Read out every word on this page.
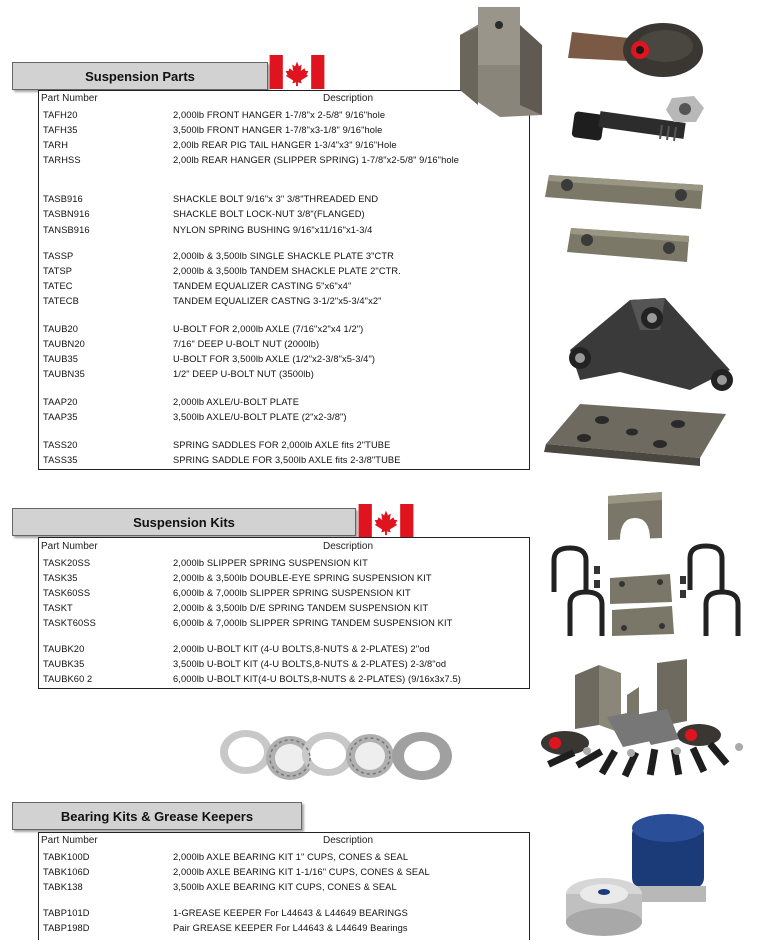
Suspension Parts
Part Number	Description
TAFH20	2,000lb FRONT HANGER 1-7/8"x 2-5/8" 9/16"hole
TAFH35	3,500lb FRONT HANGER 1-7/8"x3-1/8" 9/16"hole
TARH	2,00lb REAR PIG TAIL HANGER 1-3/4"x3" 9/16"Hole
TARHSS	2,00lb REAR HANGER (SLIPPER SPRING) 1-7/8"x2-5/8" 9/16"hole
TASB916	SHACKLE BOLT 9/16"x 3" 3/8"THREADED END
TASBN916	SHACKLE BOLT LOCK-NUT 3/8"(FLANGED)
TANSB916	NYLON SPRING BUSHING 9/16"x11/16"x1-3/4
TASSP	2,000lb & 3,500lb SINGLE SHACKLE PLATE 3"CTR
TATSP	2,000lb & 3,500lb TANDEM SHACKLE PLATE 2"CTR.
TATEC	TANDEM EQUALIZER CASTING 5"x6"x4"
TATECB	TANDEM EQUALIZER CASTNG 3-1/2"x5-3/4"x2"
TAUB20	U-BOLT FOR 2,000lb AXLE (7/16"x2"x4 1/2")
TAUBN20	7/16" DEEP U-BOLT NUT (2000lb)
TAUB35	U-BOLT FOR 3,500lb AXLE (1/2"x2-3/8"x5-3/4")
TAUBN35	1/2" DEEP U-BOLT NUT (3500lb)
TAAP20	2,000lb AXLE/U-BOLT PLATE
TAAP35	3,500lb AXLE/U-BOLT PLATE (2"x2-3/8")
TASS20	SPRING SADDLES FOR 2,000lb AXLE fits 2"TUBE
TASS35	SPRING SADDLE FOR 3,500lb AXLE fits 2-3/8"TUBE
Suspension Kits
Part Number	Description
TASK20SS	2,000lb SLIPPER SPRING SUSPENSION KIT
TASK35	2,000lb & 3,500lb DOUBLE-EYE SPRING SUSPENSION KIT
TASK60SS	6,000lb & 7,000lb SLIPPER SPRING SUSPENSION KIT
TASKT	2,000lb & 3,500lb D/E SPRING TANDEM SUSPENSION KIT
TASKT60SS	6,000lb & 7,000lb SLIPPER SPRING TANDEM SUSPENSION KIT
TAUBK20	2,000lb U-BOLT KIT (4-U BOLTS,8-NUTS & 2-PLATES) 2"od
TAUBK35	3,500lb U-BOLT KIT (4-U BOLTS,8-NUTS & 2-PLATES) 2-3/8"od
TAUBK60 2	6,000lb U-BOLT KIT(4-U BOLTS,8-NUTS & 2-PLATES) (9/16x3x7.5)
Bearing Kits & Grease Keepers
Part Number	Description
TABK100D	2,000lb AXLE BEARING KIT 1" CUPS, CONES & SEAL
TABK106D	2,000lb AXLE BEARING KIT 1-1/16" CUPS, CONES & SEAL
TABK138	3,500lb AXLE BEARING KIT CUPS, CONES & SEAL
TABP101D	1-GREASE KEEPER For L44643 & L44649 BEARINGS
TABP198D	Pair GREASE KEEPER For L44643 & L44649 Bearings
